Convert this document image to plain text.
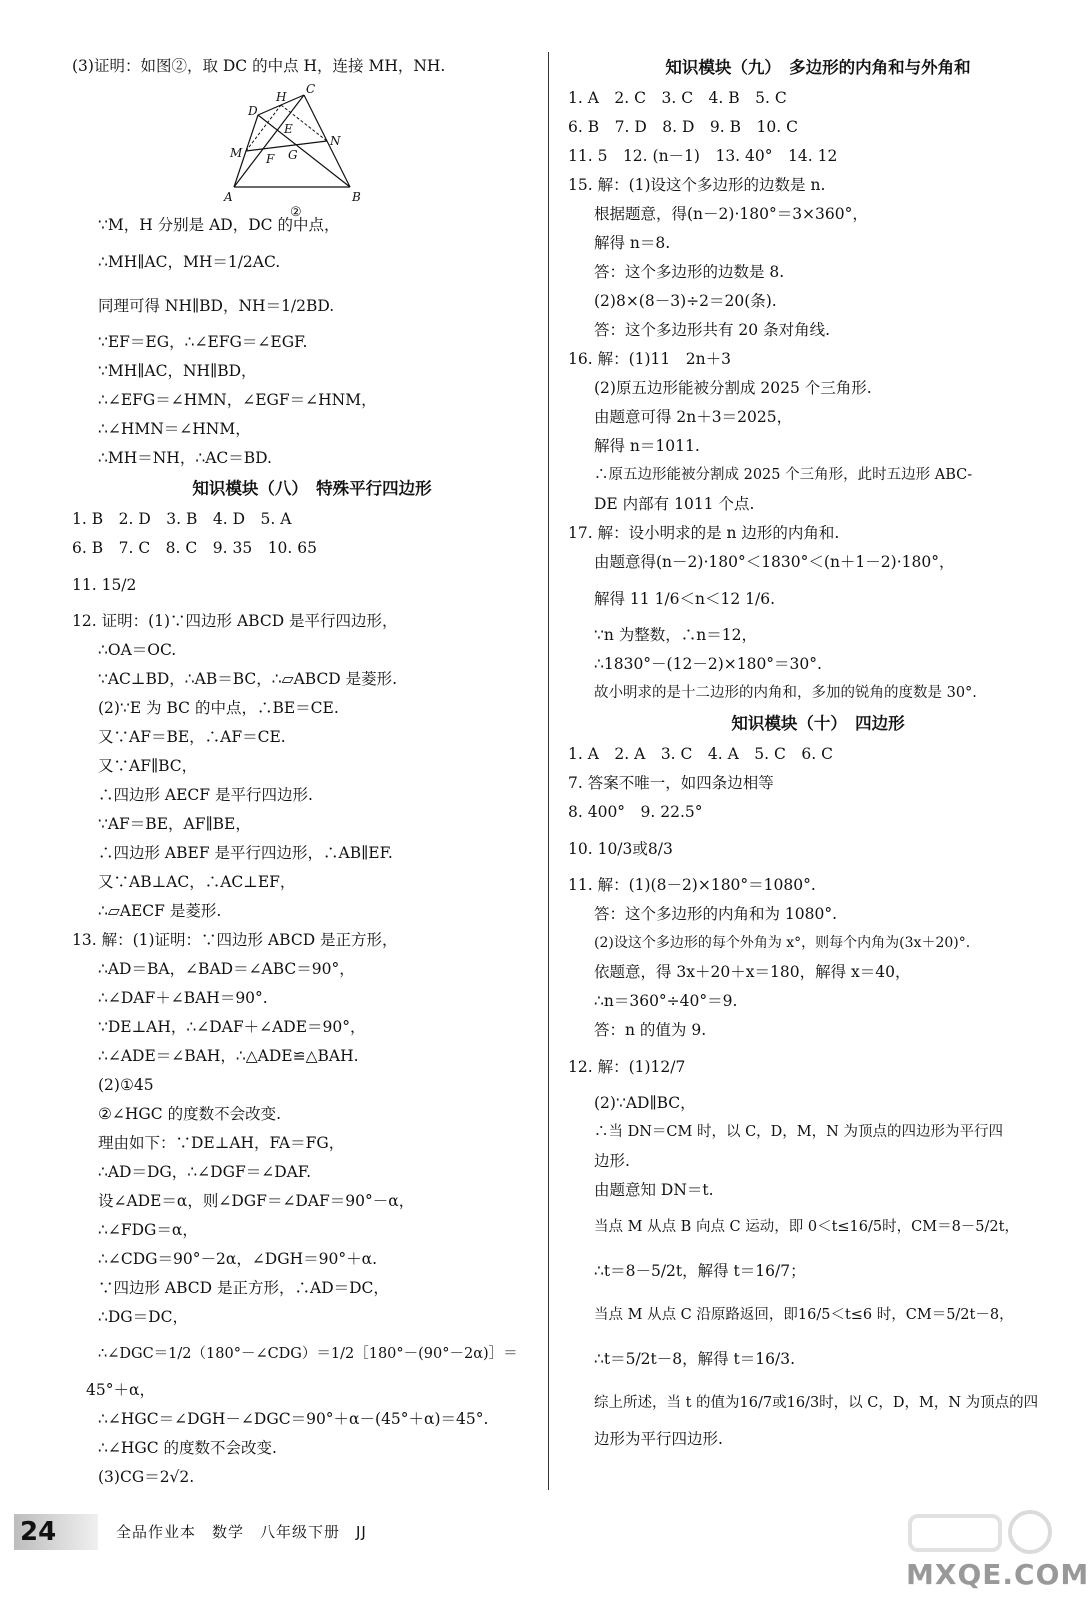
(3)证明：如图②，取 DC 的中点 H，连接 MH，NH.
A	B
C
D
H
E
N
M F G
②
∵M，H 分别是 AD，DC 的中点，
∴MH∥AC，MH＝1/2AC.
同理可得 NH∥BD，NH＝1/2BD.
∵EF＝EG，∴∠EFG＝∠EGF.
∵MH∥AC，NH∥BD，
∴∠EFG＝∠HMN，∠EGF＝∠HNM，
∴∠HMN＝∠HNM，
∴MH＝NH，∴AC＝BD.
知识模块（八）　特殊平行四边形
1. B　2. D　3. B　4. D　5. A
6. B　7. C　8. C　9. 35　10. 65
11. 15/2
12. 证明：(1)∵四边形 ABCD 是平行四边形，
∴OA＝OC.
∵AC⊥BD，∴AB＝BC，∴▱ABCD 是菱形.
(2)∵E 为 BC 的中点，∴BE＝CE.
又∵AF＝BE，∴AF＝CE.
又∵AF∥BC，
∴四边形 AECF 是平行四边形.
∵AF＝BE，AF∥BE，
∴四边形 ABEF 是平行四边形，∴AB∥EF.
又∵AB⊥AC，∴AC⊥EF，
∴▱AECF 是菱形.
13. 解：(1)证明：∵四边形 ABCD 是正方形，
∴AD＝BA，∠BAD＝∠ABC＝90°，
∴∠DAF＋∠BAH＝90°.
∵DE⊥AH，∴∠DAF＋∠ADE＝90°，
∴∠ADE＝∠BAH，∴△ADE≌△BAH.
(2)①45
②∠HGC 的度数不会改变.
理由如下：∵DE⊥AH，FA＝FG，
∴AD＝DG，∴∠DGF＝∠DAF.
设∠ADE＝α，则∠DGF＝∠DAF＝90°－α，
∴∠FDG＝α，
∴∠CDG＝90°－2α，∠DGH＝90°＋α.
∵四边形 ABCD 是正方形，∴AD＝DC，
∴DG＝DC，
∴∠DGC＝1/2（180°－∠CDG）＝1/2［180°－(90°－2α)］＝
45°＋α，
∴∠HGC＝∠DGH－∠DGC＝90°＋α－(45°＋α)＝45°.
∴∠HGC 的度数不会改变.
(3)CG＝2√2.
知识模块（九）　多边形的内角和与外角和
1. A　2. C　3. C　4. B　5. C
6. B　7. D　8. D　9. B　10. C
11. 5　12. (n－1)　13. 40°　14. 12
15. 解：(1)设这个多边形的边数是 n.
根据题意，得(n－2)·180°＝3×360°，
解得 n＝8.
答：这个多边形的边数是 8.
(2)8×(8－3)÷2＝20(条).
答：这个多边形共有 20 条对角线.
16. 解：(1)11　2n＋3
(2)原五边形能被分割成 2025 个三角形.
由题意可得 2n＋3＝2025，
解得 n＝1011.
∴原五边形能被分割成 2025 个三角形，此时五边形 ABC-
DE 内部有 1011 个点.
17. 解：设小明求的是 n 边形的内角和.
由题意得(n－2)·180°＜1830°＜(n＋1－2)·180°，
解得 11 1/6＜n＜12 1/6.
∵n 为整数，∴n＝12，
∴1830°－(12－2)×180°＝30°.
故小明求的是十二边形的内角和，多加的锐角的度数是 30°.
知识模块（十）　四边形
1. A　2. A　3. C　4. A　5. C　6. C
7. 答案不唯一，如四条边相等
8. 400°　9. 22.5°
10. 10/3或8/3
11. 解：(1)(8－2)×180°＝1080°.
答：这个多边形的内角和为 1080°.
(2)设这个多边形的每个外角为 x°，则每个内角为(3x＋20)°.
依题意，得 3x＋20＋x＝180，解得 x＝40，
∴n＝360°÷40°＝9.
答：n 的值为 9.
12. 解：(1)12/7
(2)∵AD∥BC，
∴当 DN＝CM 时，以 C，D，M，N 为顶点的四边形为平行四
边形.
由题意知 DN＝t.
当点 M 从点 B 向点 C 运动，即 0＜t≤16/5时，CM＝8－5/2t，
∴t＝8－5/2t，解得 t＝16/7；
当点 M 从点 C 沿原路返回，即16/5＜t≤6 时，CM＝5/2t－8，
∴t＝5/2t－8，解得 t＝16/3.
综上所述，当 t 的值为16/7或16/3时，以 C，D，M，N 为顶点的四
边形为平行四边形.
24	全品作业本　数学　八年级下册　JJ
MXQE.COM
